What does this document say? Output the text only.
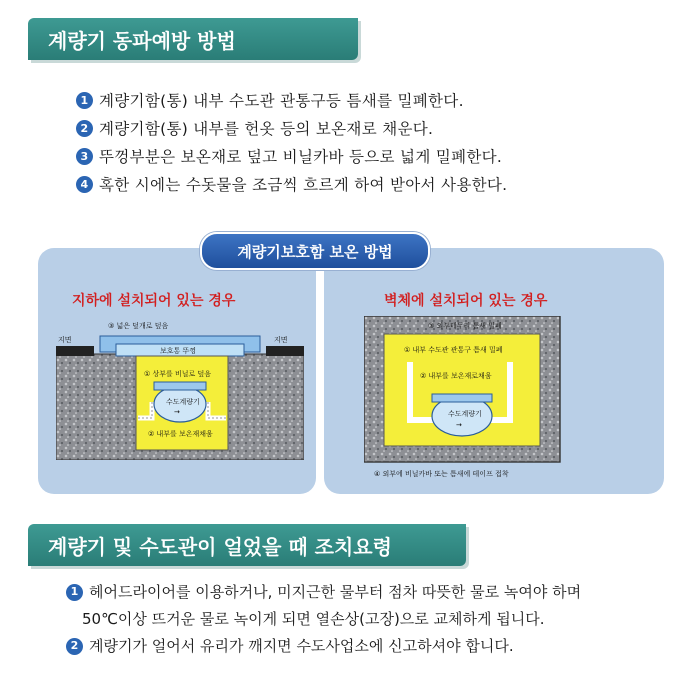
계량기 동파예방 방법
1 계량기함(통) 내부 수도관 관통구등 틈새를 밀폐한다.
2 계량기함(통) 내부를 헌옷 등의 보온재로 채운다.
3 뚜껑부분은 보온재로 덮고 비닐카바 등으로 넓게 밀폐한다.
4 혹한 시에는 수돗물을 조금씩 흐르게 하여 받아서 사용한다.
계량기보호함 보온 방법
지하에 설치되어 있는 경우
지면	지면
③ 넓은 덮개로 덮음
보호통 뚜껑
① 상부를 비닐로 덮음
수도계량기
→
② 내부를 보온재채움
벽체에 설치되어 있는 경우
③ 외부테두리 틈새 밀폐
① 내부 수도관 관통구 틈새 밀폐
② 내부를 보온재로채움
수도계량기
→
④ 외부에 비닐카바 또는 틈새에 테이프 접착
계량기 및 수도관이 얼었을 때 조치요령
1 헤어드라이어를 이용하거나, 미지근한 물부터 점차 따뜻한 물로 녹여야 하며
50℃이상 뜨거운 물로 녹이게 되면 열손상(고장)으로 교체하게 됩니다.
2 계량기가 얼어서 유리가 깨지면 수도사업소에 신고하셔야 합니다.
